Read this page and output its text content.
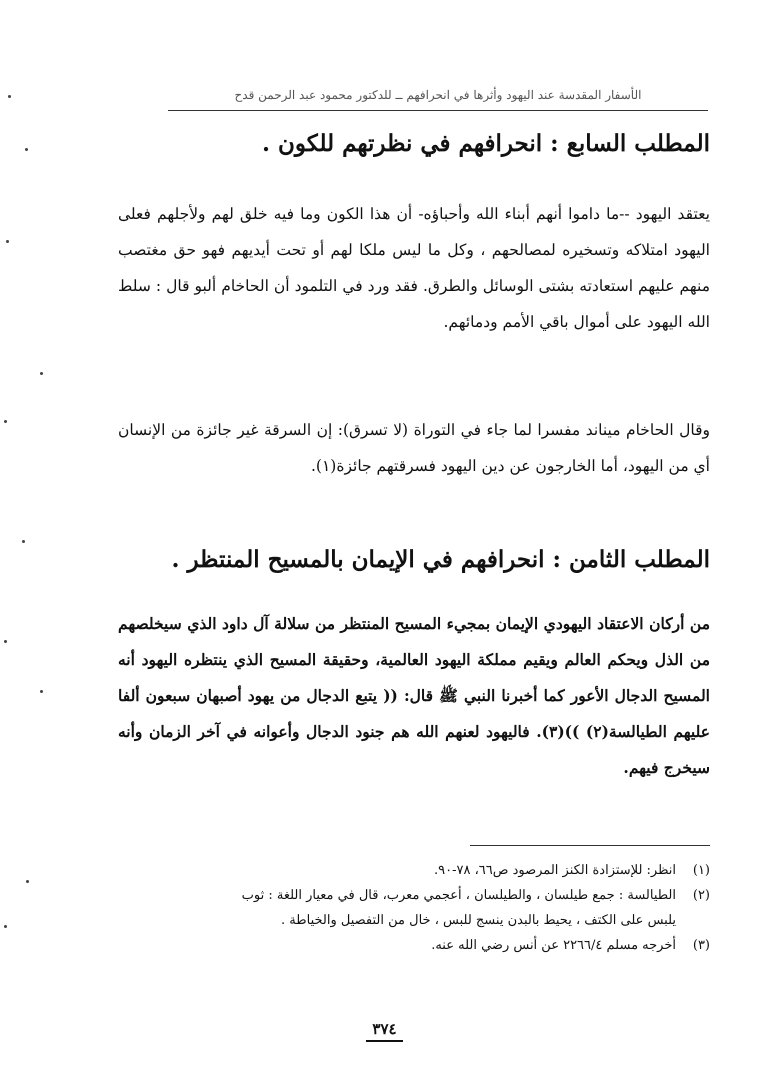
الأسفار المقدسة عند اليهود وأثرها في انحرافهم ــ للدكتور محمود عبد الرحمن قدح
المطلب السابع : انحرافهم في نظرتهم للكون .
يعتقد اليهود --ما داموا أنهم أبناء الله وأحباؤه- أن هذا الكون وما فيه خلق لهم ولأجلهم فعلى اليهود امتلاكه وتسخيره لمصالحهم ، وكل ما ليس ملكا لهم أو تحت أيديهم فهو حق مغتصب منهم عليهم استعادته بشتى الوسائل والطرق. فقد ورد في التلمود أن الحاخام ألبو قال : سلط الله اليهود على أموال باقي الأمم ودمائهم.
وقال الحاخام ميناند مفسرا لما جاء في التوراة (لا تسرق): إن السرقة غير جائزة من الإنسان أي من اليهود، أما الخارجون عن دين اليهود فسرقتهم جائزة(١).
المطلب الثامن : انحرافهم في الإيمان بالمسيح المنتظر .
من أركان الاعتقاد اليهودي الإيمان بمجيء المسيح المنتظر من سلالة آل داود الذي سيخلصهم من الذل ويحكم العالم ويقيم مملكة اليهود العالمية، وحقيقة المسيح الذي ينتظره اليهود أنه المسيح الدجال الأعور كما أخبرنا النبي ﷺ قال: (( يتبع الدجال من يهود أصبهان سبعون ألفا عليهم الطيالسة(٢) ))(٣). فاليهود لعنهم الله هم جنود الدجال وأعوانه في آخر الزمان وأنه سيخرج فيهم.
(١)
انظر: للإستزادة الكنز المرصود ص٦٦، ٧٨-٩٠.
(٢)
الطيالسة : جمع طيلسان ، والطيلسان ، أعجمي معرب، قال في معيار اللغة : ثوب
يلبس على الكتف ، يحيط بالبدن ينسج للبس ، خال من التفصيل والخياطة .
(٣)
أخرجه مسلم ٢٢٦٦/٤ عن أنس رضي الله عنه.
٣٧٤
